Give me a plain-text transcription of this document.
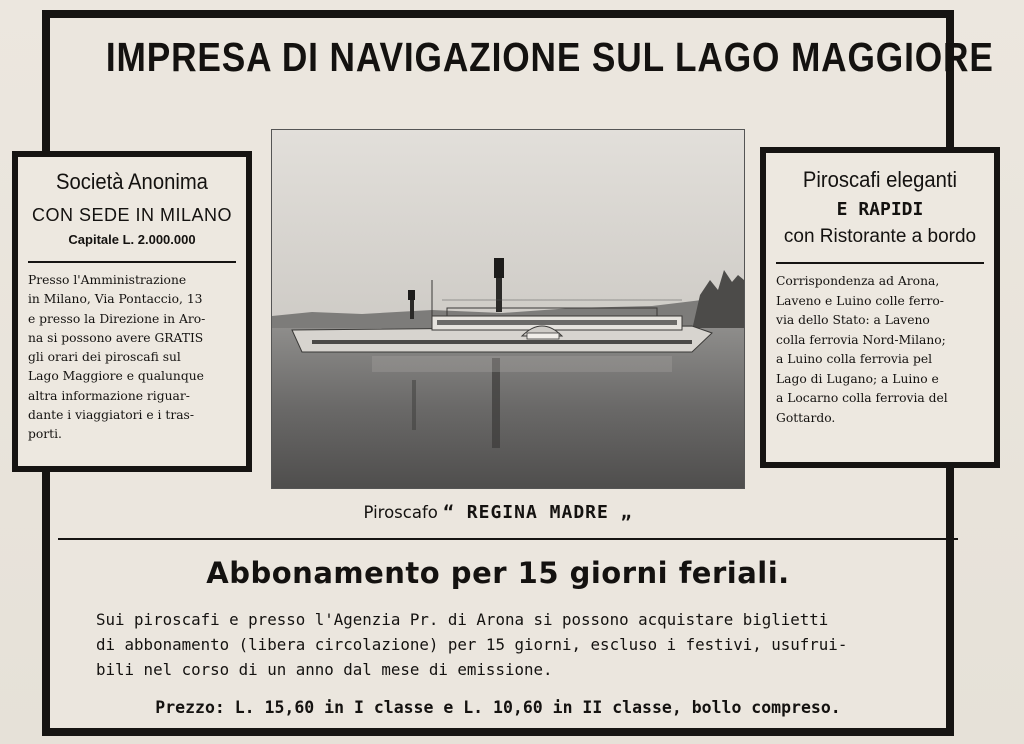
IMPRESA DI NAVIGAZIONE SUL LAGO MAGGIORE
Società Anonima
CON SEDE IN MILANO
Capitale L. 2.000.000
Presso l'Amministrazione
in Milano, Via Pontaccio, 13
e presso la Direzione in Aro-
na si possono avere GRATIS
gli orari dei piroscafi sul
Lago Maggiore e qualunque
altra informazione riguar-
dante i viaggiatori e i tras-
porti.
Piroscafi eleganti
E RAPIDI
con Ristorante a bordo
Corrispondenza ad Arona,
Laveno e Luino colle ferro-
via dello Stato: a Laveno
colla ferrovia Nord-Milano;
a Luino colla ferrovia pel
Lago di Lugano; a Luino e
a Locarno colla ferrovia del
Gottardo.
Piroscafo “ REGINA MADRE „
Abbonamento per 15 giorni feriali.
Sui piroscafi e presso l'Agenzia Pr. di Arona si possono acquistare biglietti
di abbonamento (libera circolazione) per 15 giorni, escluso i festivi, usufrui-
bili nel corso di un anno dal mese di emissione.
Prezzo: L. 15,60 in I classe e L. 10,60 in II classe, bollo compreso.
